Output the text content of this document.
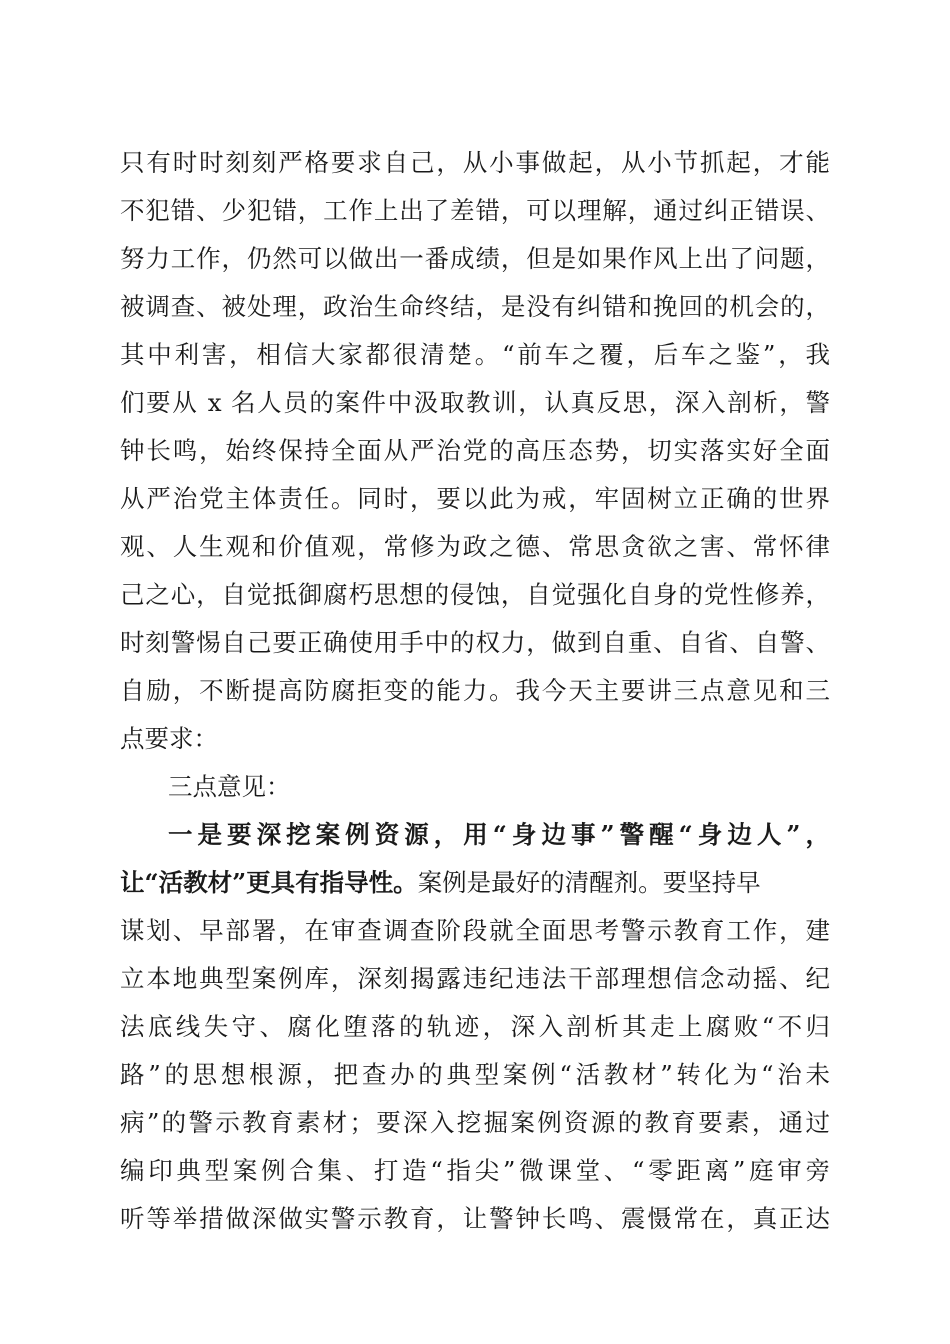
只有时时刻刻严格要求自己，从小事做起，从小节抓起，才能
不犯错、少犯错，工作上出了差错，可以理解，通过纠正错误、
努力工作，仍然可以做出一番成绩，但是如果作风上出了问题，
被调查、被处理，政治生命终结，是没有纠错和挽回的机会的，
其中利害，相信大家都很清楚。“前车之覆，后车之鉴”，我
们要从 x 名人员的案件中汲取教训，认真反思，深入剖析，警
钟长鸣，始终保持全面从严治党的高压态势，切实落实好全面
从严治党主体责任。同时，要以此为戒，牢固树立正确的世界
观、人生观和价值观，常修为政之德、常思贪欲之害、常怀律
己之心，自觉抵御腐朽思想的侵蚀，自觉强化自身的党性修养，
时刻警惕自己要正确使用手中的权力，做到自重、自省、自警、
自励，不断提高防腐拒变的能力。我今天主要讲三点意见和三
点要求：
三点意见：
一是要深挖案例资源，用“身边事”警醒“身边人”，
让“活教材”更具有指导性。案例是最好的清醒剂。要坚持早
谋划、早部署，在审查调查阶段就全面思考警示教育工作，建
立本地典型案例库，深刻揭露违纪违法干部理想信念动摇、纪
法底线失守、腐化堕落的轨迹，深入剖析其走上腐败“不归
路”的思想根源，把查办的典型案例“活教材”转化为“治未
病”的警示教育素材；要深入挖掘案例资源的教育要素，通过
编印典型案例合集、打造“指尖”微课堂、“零距离”庭审旁
听等举措做深做实警示教育，让警钟长鸣、震慑常在，真正达
